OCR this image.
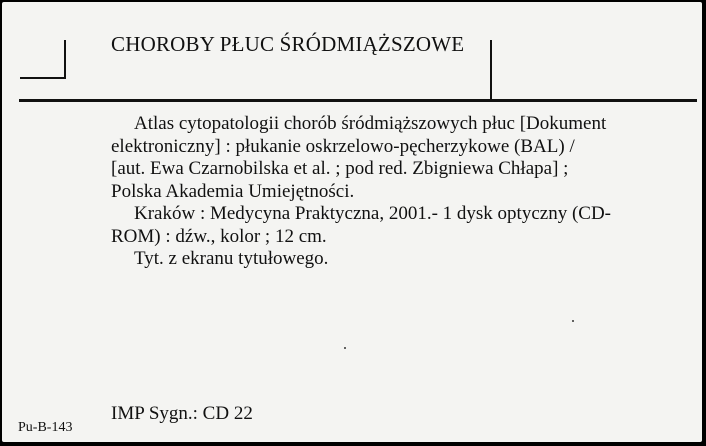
CHOROBY PŁUC ŚRÓDMIĄŻSZOWE

Atlas cytopatologii chorób śródmiąższowych płuc [Dokument elektroniczny] : płukanie oskrzelowo-pęcherzykowe (BAL) / [aut. Ewa Czarnobilska et al. ; pod red. Zbigniewa Chłapa] ; Polska Akademia Umiejętności.

Kraków : Medycyna Praktyczna, 2001.- 1 dysk optyczny (CD-ROM) : dźw., kolor ; 12 cm.

Tyt. z ekranu tytułowego.

IMP Sygn.: CD 22
Pu-B-143
